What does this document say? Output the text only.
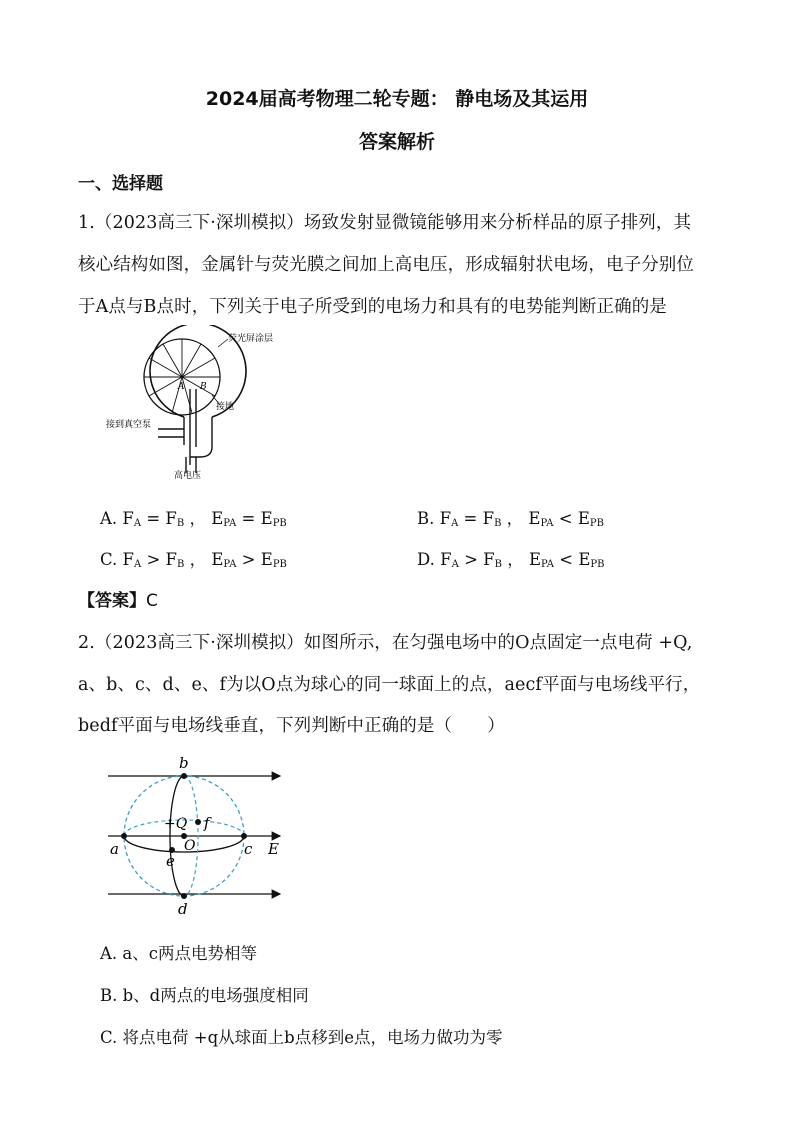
2024届高考物理二轮专题： 静电场及其运用
答案解析
一、选择题
1.（2023高三下·深圳模拟）场致发射显微镜能够用来分析样品的原子排列，其
核心结构如图，金属针与荧光膜之间加上高电压，形成辐射状电场，电子分别位
于A点与B点时，下列关于电子所受到的电场力和具有的电势能判断正确的是
A B
荧光屏涂层
接地
接到真空泵
高电压
A. $F_A = F_B$ ， $E_{PA} = E_{PB}$	B. $F_A = F_B$ ， $E_{PA} < E_{PB}$
C. $F_A > F_B$ ， $E_{PA} > E_{PB}$	D. $F_A > F_B$ ， $E_{PA} < E_{PB}$
【答案】C
2.（2023高三下·深圳模拟）如图所示，在匀强电场中的O点固定一点电荷 +Q,
a、b、c、d、e、f为以O点为球心的同一球面上的点，aecf平面与电场线平行，
bedf平面与电场线垂直，下列判断中正确的是（　　）
b
d
a	c
e
f
E
+Q
O
A. a、c两点电势相等
B. b、d两点的电场强度相同
C. 将点电荷 +q从球面上b点移到e点，电场力做功为零
